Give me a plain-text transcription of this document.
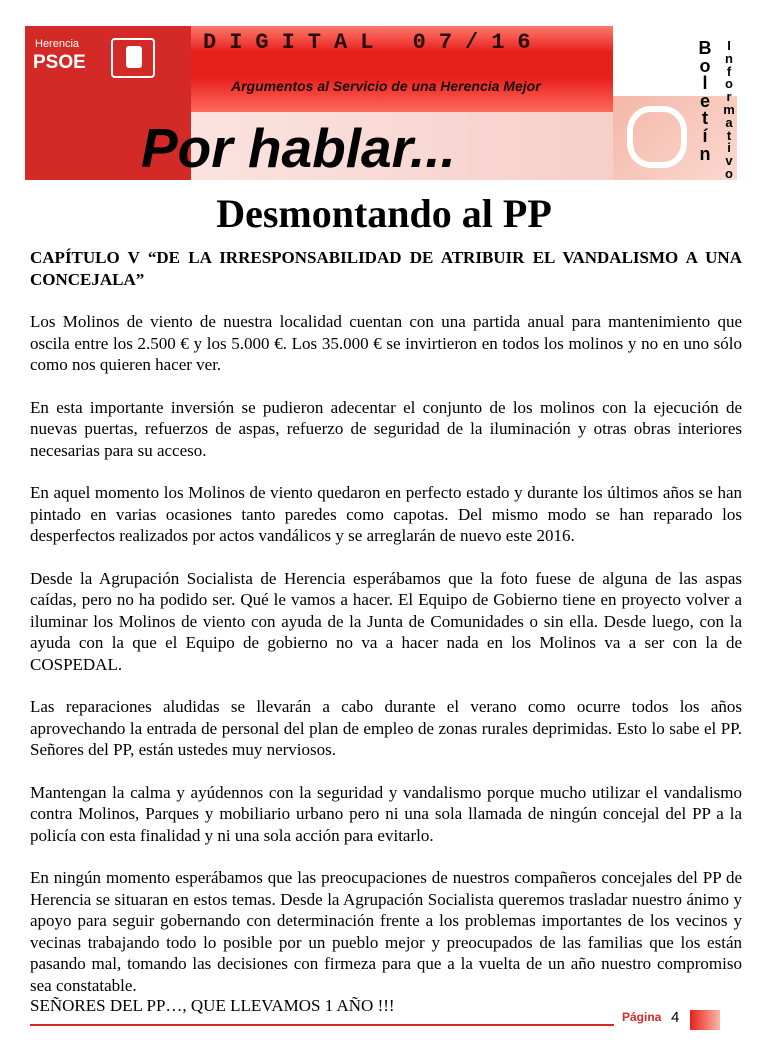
Herencia
PSOE
DIGITAL 07/16
Argumentos al Servicio de una Herencia Mejor
Por hablar...
B
o
l
e
t
í
n
I
n
f
o
r
m
a
t
i
v
o
Desmontando al PP
CAPÍTULO V “DE LA IRRESPONSABILIDAD DE ATRIBUIR EL VANDALISMO A UNA CONCEJALA”

Los Molinos de viento de nuestra localidad cuentan con una partida anual para mantenimiento que oscila entre los 2.500 € y los 5.000 €. Los 35.000 € se invirtieron en todos los molinos y no en uno sólo como nos quieren hacer ver.

En esta importante inversión se pudieron adecentar el conjunto de los molinos con la ejecución de nuevas puertas, refuerzos de aspas, refuerzo de seguridad de la iluminación y otras obras interiores necesarias para su acceso.

En aquel momento los Molinos de viento quedaron en perfecto estado y durante los últimos años se han pintado en varias ocasiones tanto paredes como capotas. Del mismo modo se han reparado los desperfectos realizados por actos vandálicos y se arreglarán de nuevo este 2016.

Desde la Agrupación Socialista de Herencia esperábamos que la foto fuese de alguna de las aspas caídas, pero no ha podido ser. Qué le vamos a hacer. El Equipo de Gobierno tiene en proyecto volver a iluminar los Molinos de viento con ayuda de la Junta de Comunidades o sin ella. Desde luego, con la ayuda con la que el Equipo de gobierno no va a hacer nada en los Molinos va a ser con la de COSPEDAL.

Las reparaciones aludidas se llevarán a cabo durante el verano como ocurre todos los años aprovechando la entrada de personal del plan de empleo de zonas rurales deprimidas. Esto lo sabe el PP. Señores del PP, están ustedes muy nerviosos.

Mantengan la calma y ayúdennos con la seguridad y vandalismo porque mucho utilizar el vandalismo contra Molinos, Parques y mobiliario urbano pero ni una sola llamada de ningún concejal del PP a la policía con esta finalidad y ni una sola acción para evitarlo.

En ningún momento esperábamos que las preocupaciones de nuestros compañeros concejales del PP de Herencia se situaran en estos temas. Desde la Agrupación Socialista queremos trasladar nuestro ánimo y apoyo para seguir gobernando con determinación frente a los problemas importantes de los vecinos y vecinas trabajando todo lo posible por un pueblo mejor y preocupados de las familias que los están pasando mal, tomando las decisiones con firmeza para que a la vuelta de un año nuestro compromiso sea constatable.

SEÑORES DEL PP…, QUE LLEVAMOS 1 AÑO !!!
Página 4
